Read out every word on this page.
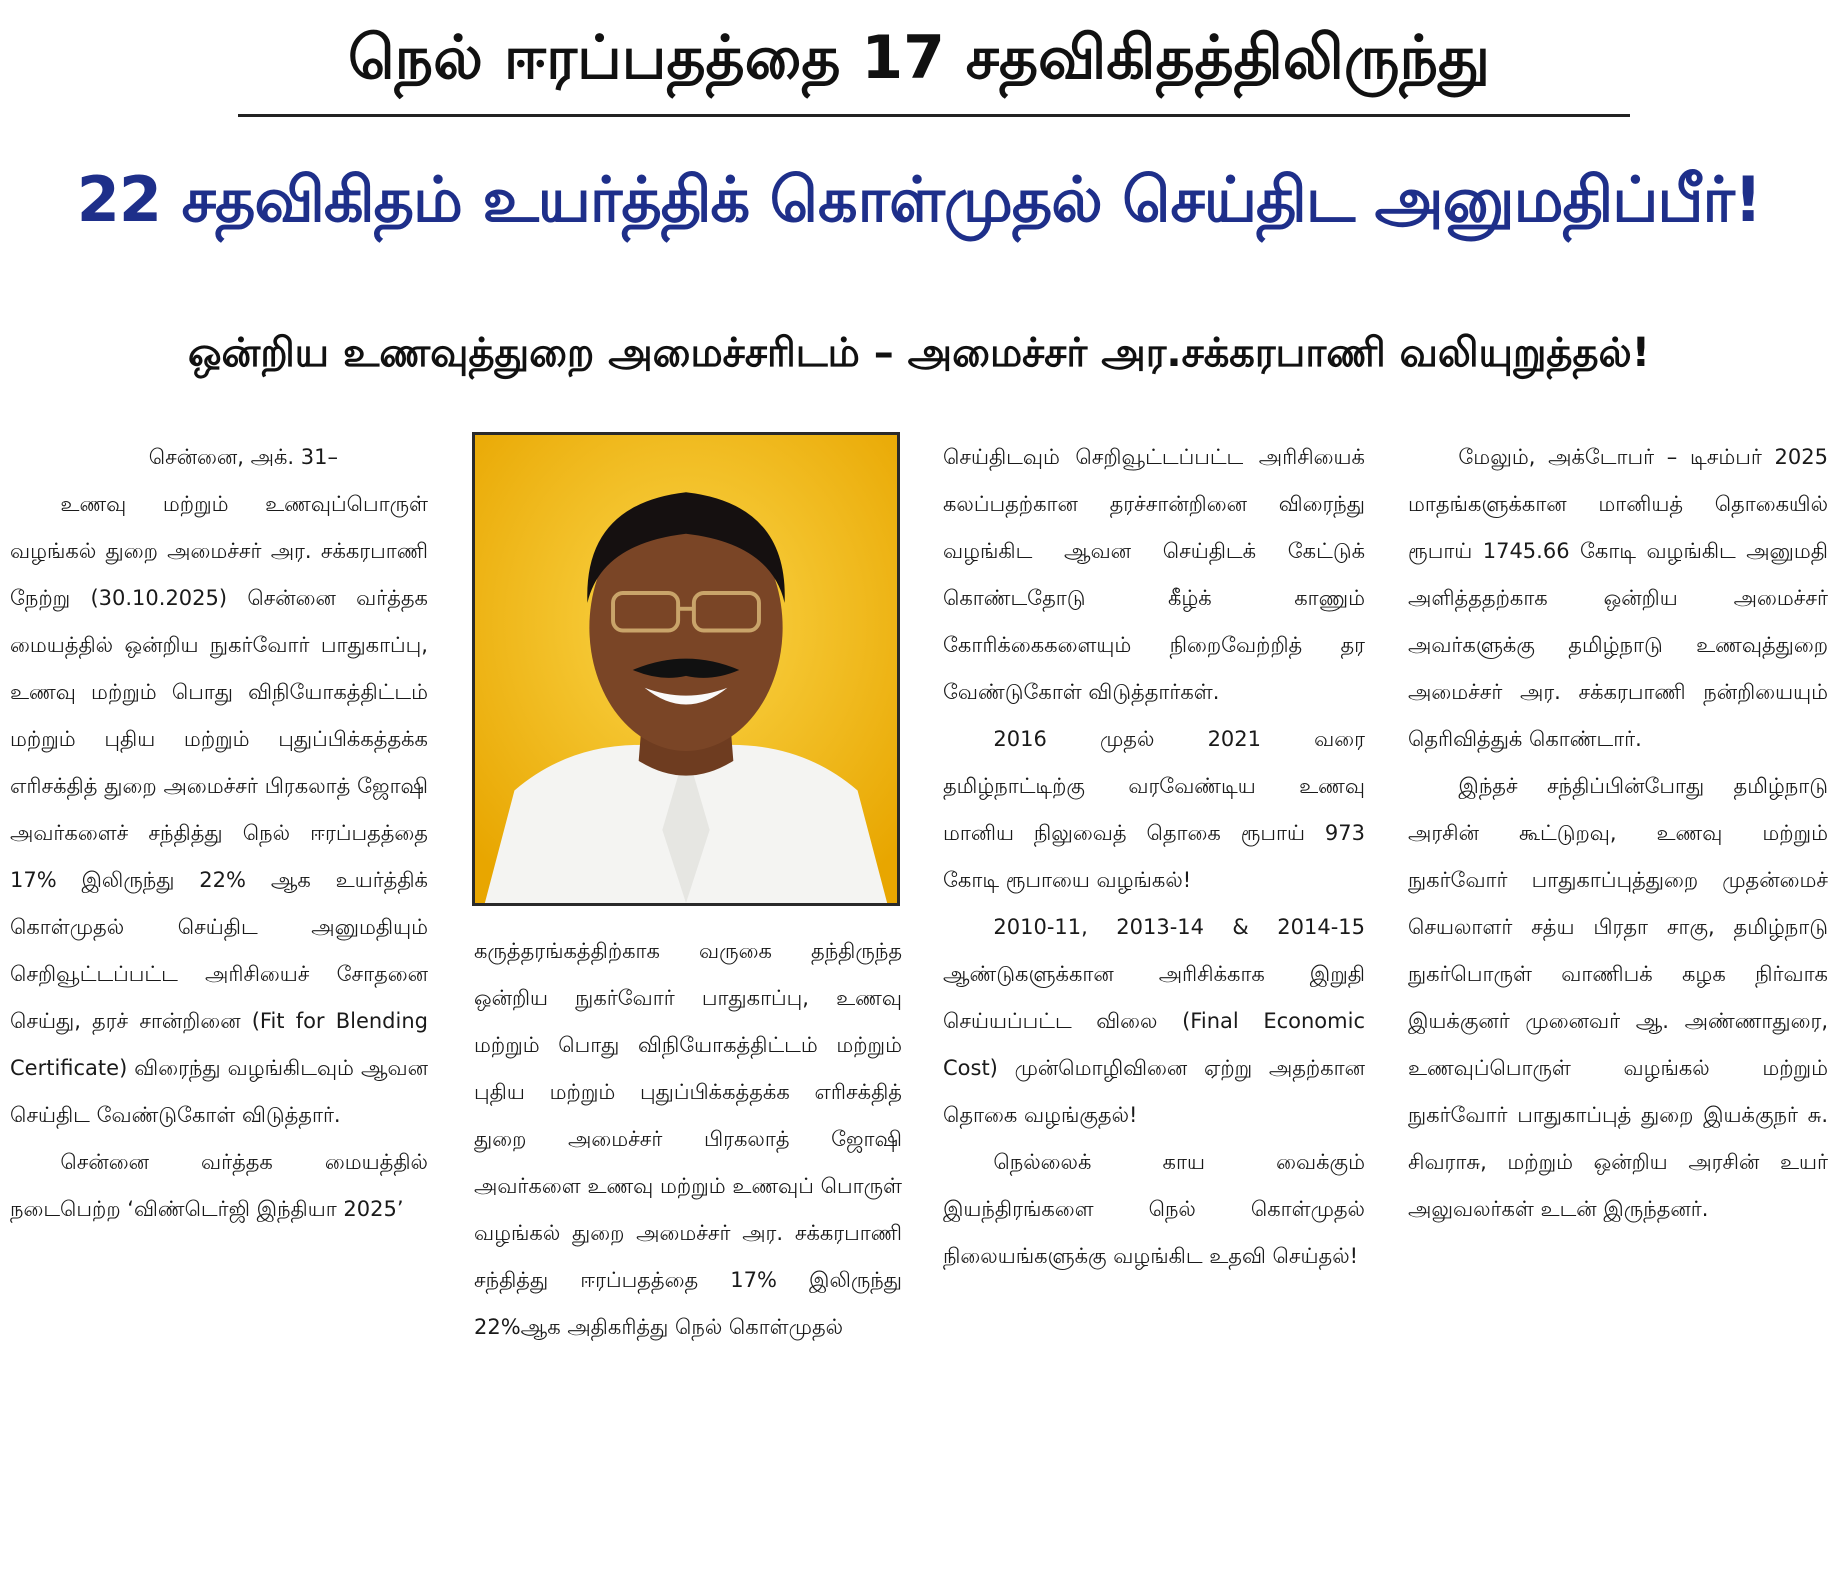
நெல் ஈரப்பதத்தை 17 சதவிகிதத்திலிருந்து
22 சதவிகிதம் உயர்த்திக் கொள்முதல் செய்திட அனுமதிப்பீர்!
ஒன்றிய உணவுத்துறை அமைச்சரிடம் – அமைச்சர் அர.சக்கரபாணி வலியுறுத்தல்!

சென்னை, அக். 31–

உணவு மற்றும் உணவுப்பொருள் வழங்கல் துறை அமைச்சர் அர. சக்கரபாணி நேற்று (30.10.2025) சென்னை வர்த்தக மையத்தில் ஒன்றிய நுகர்வோர் பாதுகாப்பு, உணவு மற்றும் பொது விநியோகத்திட்டம் மற்றும் புதிய மற்றும் புதுப்பிக்கத்தக்க எரிசக்தித் துறை அமைச்சர் பிரகலாத் ஜோஷி அவர்களைச் சந்தித்து நெல் ஈரப்பதத்தை 17% இலிருந்து 22% ஆக உயர்த்திக் கொள்முதல் செய்திட அனுமதியும் செறிவூட்டப்பட்ட அரிசியைச் சோதனை செய்து, தரச் சான்றினை (Fit for Blending Certificate) விரைந்து வழங்கிடவும் ஆவன செய்திட வேண்டுகோள் விடுத்தார்.

சென்னை வர்த்தக மையத்தில் நடைபெற்ற ‘விண்டெர்ஜி இந்தியா 2025’

கருத்தரங்கத்திற்காக வருகை தந்திருந்த ஒன்றிய நுகர்வோர் பாதுகாப்பு, உணவு மற்றும் பொது விநியோகத்திட்டம் மற்றும் புதிய மற்றும் புதுப்பிக்கத்தக்க எரிசக்தித் துறை அமைச்சர் பிரகலாத் ஜோஷி அவர்களை உணவு மற்றும் உணவுப் பொருள் வழங்கல் துறை அமைச்சர் அர. சக்கரபாணி சந்தித்து ஈரப்பதத்தை 17% இலிருந்து 22%ஆக அதிகரித்து நெல் கொள்முதல்

செய்திடவும் செறிவூட்டப்பட்ட அரிசியைக் கலப்பதற்கான தரச்சான்றினை விரைந்து வழங்கிட ஆவன செய்திடக் கேட்டுக் கொண்டதோடு கீழ்க் காணும் கோரிக்கைகளையும் நிறைவேற்றித் தர வேண்டுகோள் விடுத்தார்கள்.

2016 முதல் 2021 வரை தமிழ்நாட்டிற்கு வரவேண்டிய உணவு மானிய நிலுவைத் தொகை ரூபாய் 973 கோடி ரூபாயை வழங்கல்!

2010-11, 2013-14 & 2014-15 ஆண்டுகளுக்கான அரிசிக்காக இறுதி செய்யப்பட்ட விலை (Final Economic Cost) முன்மொழிவினை ஏற்று அதற்கான தொகை வழங்குதல்!

நெல்லைக் காய வைக்கும் இயந்திரங்களை நெல் கொள்முதல் நிலையங்களுக்கு வழங்கிட உதவி செய்தல்!

மேலும், அக்டோபர் – டிசம்பர் 2025 மாதங்களுக்கான மானியத் தொகையில் ரூபாய் 1745.66 கோடி வழங்கிட அனுமதி அளித்ததற்காக ஒன்றிய அமைச்சர் அவர்களுக்கு தமிழ்நாடு உணவுத்துறை அமைச்சர் அர. சக்கரபாணி நன்றியையும் தெரிவித்துக் கொண்டார்.

இந்தச் சந்திப்பின்போது தமிழ்நாடு அரசின் கூட்டுறவு, உணவு மற்றும் நுகர்வோர் பாதுகாப்புத்துறை முதன்மைச் செயலாளர் சத்ய பிரதா சாகு, தமிழ்நாடு நுகர்பொருள் வாணிபக் கழக நிர்வாக இயக்குனர் முனைவர் ஆ. அண்ணாதுரை, உணவுப்பொருள் வழங்கல் மற்றும் நுகர்வோர் பாதுகாப்புத் துறை இயக்குநர் சு. சிவராசு, மற்றும் ஒன்றிய அரசின் உயர் அலுவலர்கள் உடன் இருந்தனர்.
